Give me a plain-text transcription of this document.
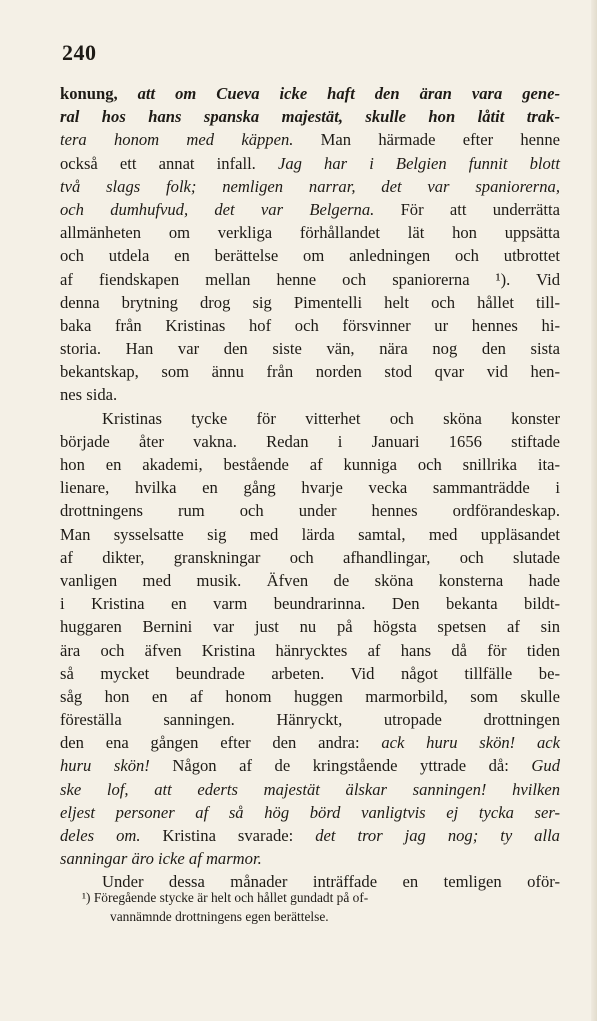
240
konung, att om Cueva icke haft den äran vara gene-
ral hos hans spanska majestät, skulle hon låtit trak-
tera honom med käppen. Man härmade efter henne
också ett annat infall. Jag har i Belgien funnit blott
två slags folk; nemligen narrar, det var spaniorerna,
och dumhufvud, det var Belgerna. För att underrätta
allmänheten om verkliga förhållandet lät hon uppsätta
och utdela en berättelse om anledningen och utbrottet
af fiendskapen mellan henne och spaniorerna ¹). Vid
denna brytning drog sig Pimentelli helt och hållet till-
baka från Kristinas hof och försvinner ur hennes hi-
storia. Han var den siste vän, nära nog den sista
bekantskap, som ännu från norden stod qvar vid hen-
nes sida.
Kristinas tycke för vitterhet och sköna konster
började åter vakna. Redan i Januari 1656 stiftade
hon en akademi, bestående af kunniga och snillrika ita-
lienare, hvilka en gång hvarje vecka sammanträdde i
drottningens rum och under hennes ordförandeskap.
Man sysselsatte sig med lärda samtal, med uppläsandet
af dikter, granskningar och afhandlingar, och slutade
vanligen med musik. Äfven de sköna konsterna hade
i Kristina en varm beundrarinna. Den bekanta bildt-
huggaren Bernini var just nu på högsta spetsen af sin
ära och äfven Kristina hänrycktes af hans då för tiden
så mycket beundrade arbeten. Vid något tillfälle be-
såg hon en af honom huggen marmorbild, som skulle
föreställa sanningen. Hänryckt, utropade drottningen
den ena gången efter den andra: ack huru skön! ack
huru skön! Någon af de kringstående yttrade då: Gud
ske lof, att ederts majestät älskar sanningen! hvilken
eljest personer af så hög börd vanligtvis ej tycka ser-
deles om. Kristina svarade: det tror jag nog; ty alla
sanningar äro icke af marmor.
Under dessa månader inträffade en temligen oför-
¹) Föregående stycke är helt och hållet gundadt på of-
vannämnde drottningens egen berättelse.
